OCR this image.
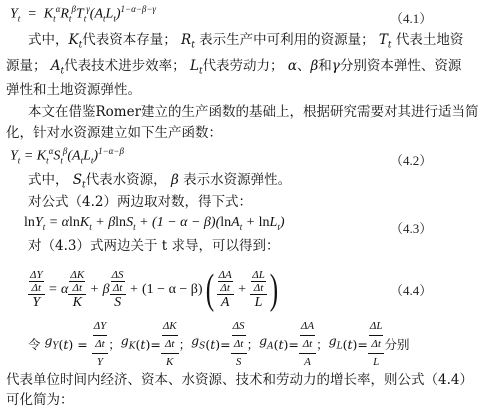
$Y_t = K_t^\alpha R_t^\beta T_t^\gamma(A_tL_t)^{1-\alpha-\beta-\gamma}$
（4.1）
式中，$K_t$代表资本存量； $R_t$ 表示生产中可利用的资源量； $T_t$ 代表土地资
源量； $A_t$代表技术进步效率； $L_t$代表劳动力； α、β和γ分别资本弹性、资源
弹性和土地资源弹性。
本文在借鉴Romer建立的生产函数的基础上，根据研究需要对其进行适当简
化，针对水资源建立如下生产函数：
$Y_t = K_t^\alpha S_t^\beta(A_tL_t)^{1-\alpha-\beta}$
（4.2）
式中， $S_t$代表水资源， β 表示水资源弹性。
对公式（4.2）两边取对数，得下式：
lnY$_t$ = αlnK$_t$ + βlnS$_t$ + (1 − α − β)(lnA$_t$ + lnL$_t$)	（4.3）
对（4.3）式两边关于 t 求导，可以得到：
$\frac{\frac{\Delta Y}{\Delta t}}{Y} = \alpha \frac{\frac{\Delta K}{\Delta t}}{K} + \beta \frac{\frac{\Delta S}{\Delta t}}{S} + (1 - \alpha - \beta)$ ( $\frac{\frac{\Delta A}{\Delta t}}{A} + \frac{\frac{\Delta L}{\Delta t}}{L}$ )	（4.4）
令 $g_Y$ ( t ) = $\frac{\frac{\Delta Y}{\Delta t}}{Y}$ ； $g_K$ ( t )= $\frac{\frac{\Delta K}{\Delta t}}{K}$ ； $g_S$ ( t )= $\frac{\frac{\Delta S}{\Delta t}}{S}$ ； $g_A$ ( t )= $\frac{\frac{\Delta A}{\Delta t}}{A}$ ； $g_L$ ( t )= $\frac{\frac{\Delta L}{\Delta t}}{L}$ 分别
代表单位时间内经济、资本、水资源、技术和劳动力的增长率，则公式（4.4）
可化简为：
